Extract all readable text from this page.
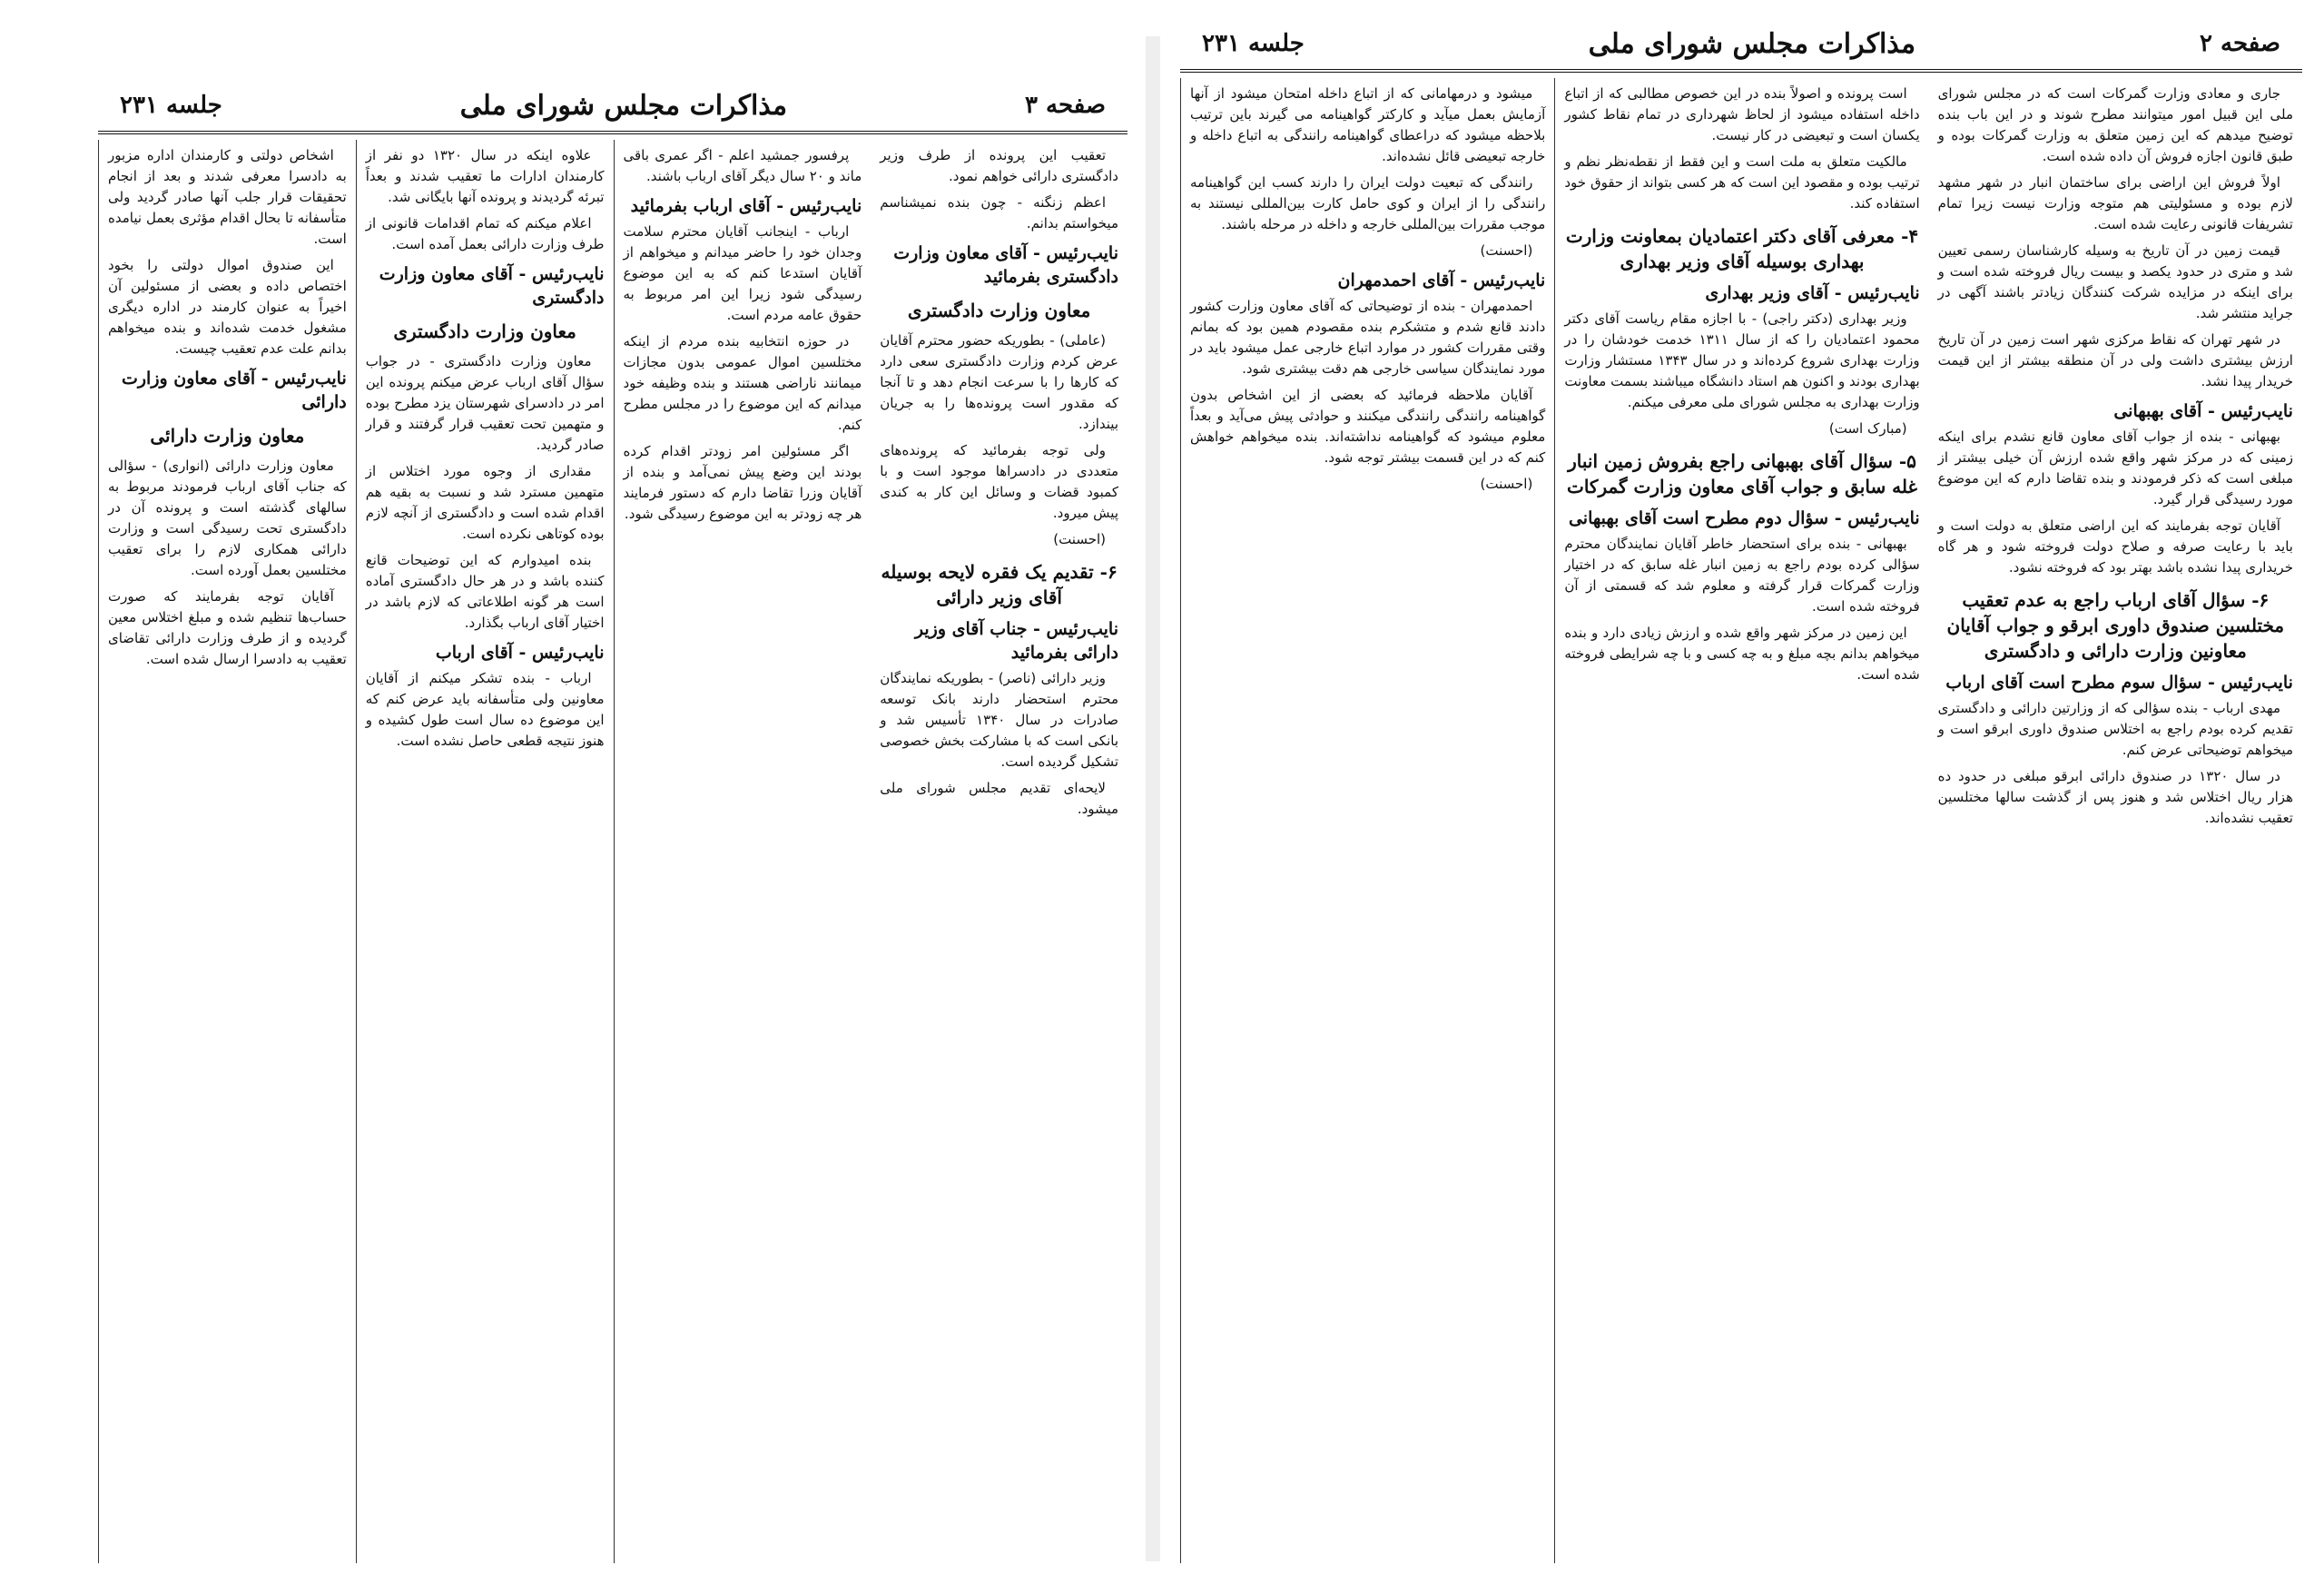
صفحه ۲
مذاکرات مجلس شورای ملی
جلسه ۲۳۱

میشود و درمهامانی که از اتباع داخله امتحان میشود از آنها آزمایش بعمل میآید و کارکتر گواهینامه می گیرند باین ترتیب بلاحظه میشود که دراعطای گواهینامه رانندگی به اتباع داخله و خارجه تبعیضی قائل نشده‌اند.

رانندگی که تبعیت دولت ایران را دارند کسب این گواهینامه رانندگی را از ایران و کوی حامل کارت بین‌المللی نیستند به موجب مقررات بین‌المللی خارجه و داخله در مرحله باشند.

(احسنت)

نایب‌رئیس - آقای احمدمهران

احمدمهران - بنده از توضیحاتی که آقای معاون وزارت کشور دادند قانع شدم و متشکرم بنده مقصودم همین بود که بمانم وقتی مقررات کشور در موارد اتباع خارجی عمل میشود باید در مورد نمایندگان سیاسی خارجی هم دقت بیشتری شود.

آقایان ملاحظه فرمائید که بعضی از این اشخاص بدون گواهینامه رانندگی رانندگی میکنند و حوادثی پیش می‌آید و بعداً معلوم میشود که گواهینامه نداشته‌اند. بنده میخواهم خواهش کنم که در این قسمت بیشتر توجه شود.

(احسنت)

است پرونده و اصولاً بنده در این خصوص مطالبی که از اتباع داخله استفاده میشود از لحاظ شهرداری در تمام نقاط کشور یکسان است و تبعیضی در کار نیست.

مالکیت متعلق به ملت است و این فقط از نقطه‌نظر نظم و ترتیب بوده و مقصود این است که هر کسی بتواند از حقوق خود استفاده کند.

۴- معرفی آقای دکتر اعتمادیان بمعاونت وزارت بهداری بوسیله آقای وزیر بهداری
نایب‌رئیس - آقای وزیر بهداری

وزیر بهداری (دکتر راجی) - با اجازه مقام ریاست آقای دکتر محمود اعتمادیان را که از سال ۱۳۱۱ خدمت خودشان را در وزارت بهداری شروع کرده‌اند و در سال ۱۳۴۳ مستشار وزارت بهداری بودند و اکنون هم استاد دانشگاه میباشند بسمت معاونت وزارت بهداری به مجلس شورای ملی معرفی میکنم.

(مبارک است)

۵- سؤال آقای بهبهانی راجع بفروش زمین انبار غله سابق و جواب آقای معاون وزارت گمرکات
نایب‌رئیس - سؤال دوم مطرح است آقای بهبهانی

بهبهانی - بنده برای استحضار خاطر آقایان نمایندگان محترم سؤالی کرده بودم راجع به زمین انبار غله سابق که در اختیار وزارت گمرکات قرار گرفته و معلوم شد که قسمتی از آن فروخته شده است.

این زمین در مرکز شهر واقع شده و ارزش زیادی دارد و بنده میخواهم بدانم بچه مبلغ و به چه کسی و با چه شرایطی فروخته شده است.

جاری و معادی وزارت گمرکات است که در مجلس شورای ملی این قبیل امور میتوانند مطرح شوند و در این باب بنده توضیح میدهم که این زمین متعلق به وزارت گمرکات بوده و طبق قانون اجازه فروش آن داده شده است.

اولاً فروش این اراضی برای ساختمان انبار در شهر مشهد لازم بوده و مسئولیتی هم متوجه وزارت نیست زیرا تمام تشریفات قانونی رعایت شده است.

قیمت زمین در آن تاریخ به وسیله کارشناسان رسمی تعیین شد و متری در حدود یکصد و بیست ریال فروخته شده است و برای اینکه در مزایده شرکت کنندگان زیادتر باشند آگهی در جراید منتشر شد.

در شهر تهران که نقاط مرکزی شهر است زمین در آن تاریخ ارزش بیشتری داشت ولی در آن منطقه بیشتر از این قیمت خریدار پیدا نشد.

نایب‌رئیس - آقای بهبهانی

بهبهانی - بنده از جواب آقای معاون قانع نشدم برای اینکه زمینی که در مرکز شهر واقع شده ارزش آن خیلی بیشتر از مبلغی است که ذکر فرمودند و بنده تقاضا دارم که این موضوع مورد رسیدگی قرار گیرد.

آقایان توجه بفرمایند که این اراضی متعلق به دولت است و باید با رعایت صرفه و صلاح دولت فروخته شود و هر گاه خریداری پیدا نشده باشد بهتر بود که فروخته نشود.

۶- سؤال آقای ارباب راجع به عدم تعقیب مختلسین صندوق داوری ابرقو و جواب آقایان معاونین وزارت دارائی و دادگستری
نایب‌رئیس - سؤال سوم مطرح است آقای ارباب

مهدی ارباب - بنده سؤالی که از وزارتین دارائی و دادگستری تقدیم کرده بودم راجع به اختلاس صندوق داوری ابرقو است و میخواهم توضیحاتی عرض کنم.

در سال ۱۳۲۰ در صندوق دارائی ابرقو مبلغی در حدود ده هزار ریال اختلاس شد و هنوز پس از گذشت سالها مختلسین تعقیب نشده‌اند.

صفحه ۳
مذاکرات مجلس شورای ملی
جلسه ۲۳۱

اشخاص دولتی و کارمندان اداره مزبور به دادسرا معرفی شدند و بعد از انجام تحقیقات قرار جلب آنها صادر گردید ولی متأسفانه تا بحال اقدام مؤثری بعمل نیامده است.

این صندوق اموال دولتی را بخود اختصاص داده و بعضی از مسئولین آن اخیراً به عنوان کارمند در اداره دیگری مشغول خدمت شده‌اند و بنده میخواهم بدانم علت عدم تعقیب چیست.

نایب‌رئیس - آقای معاون وزارت دارائی
معاون وزارت دارائی

معاون وزارت دارائی (انواری) - سؤالی که جناب آقای ارباب فرمودند مربوط به سالهای گذشته است و پرونده آن در دادگستری تحت رسیدگی است و وزارت دارائی همکاری لازم را برای تعقیب مختلسین بعمل آورده است.

آقایان توجه بفرمایند که صورت حساب‌ها تنظیم شده و مبلغ اختلاس معین گردیده و از طرف وزارت دارائی تقاضای تعقیب به دادسرا ارسال شده است.

علاوه اینکه در سال ۱۳۲۰ دو نفر از کارمندان ادارات ما تعقیب شدند و بعداً تبرئه گردیدند و پرونده آنها بایگانی شد.

اعلام میکنم که تمام اقدامات قانونی از طرف وزارت دارائی بعمل آمده است.

نایب‌رئیس - آقای معاون وزارت دادگستری
معاون وزارت دادگستری

معاون وزارت دادگستری - در جواب سؤال آقای ارباب عرض میکنم پرونده این امر در دادسرای شهرستان یزد مطرح بوده و متهمین تحت تعقیب قرار گرفتند و قرار صادر گردید.

مقداری از وجوه مورد اختلاس از متهمین مسترد شد و نسبت به بقیه هم اقدام شده است و دادگستری از آنچه لازم بوده کوتاهی نکرده است.

بنده امیدوارم که این توضیحات قانع کننده باشد و در هر حال دادگستری آماده است هر گونه اطلاعاتی که لازم باشد در اختیار آقای ارباب بگذارد.

نایب‌رئیس - آقای ارباب

ارباب - بنده تشکر میکنم از آقایان معاونین ولی متأسفانه باید عرض کنم که این موضوع ده سال است طول کشیده و هنوز نتیجه قطعی حاصل نشده است.

پرفسور جمشید اعلم - اگر عمری باقی ماند و ۲۰ سال دیگر آقای ارباب باشند.

نایب‌رئیس - آقای ارباب بفرمائید

ارباب - اینجانب آقایان محترم سلامت وجدان خود را حاضر میدانم و میخواهم از آقایان استدعا کنم که به این موضوع رسیدگی شود زیرا این امر مربوط به حقوق عامه مردم است.

در حوزه انتخابیه بنده مردم از اینکه مختلسین اموال عمومی بدون مجازات میمانند ناراضی هستند و بنده وظیفه خود میدانم که این موضوع را در مجلس مطرح کنم.

اگر مسئولین امر زودتر اقدام کرده بودند این وضع پیش نمی‌آمد و بنده از آقایان وزرا تقاضا دارم که دستور فرمایند هر چه زودتر به این موضوع رسیدگی شود.

تعقیب این پرونده از طرف وزیر دادگستری دارائی خواهم نمود.

اعظم زنگنه - چون بنده نمیشناسم میخواستم بدانم.

نایب‌رئیس - آقای معاون وزارت دادگستری بفرمائید
معاون وزارت دادگستری

(عاملی) - بطوریکه حضور محترم آقایان عرض کردم وزارت دادگستری سعی دارد که کارها را با سرعت انجام دهد و تا آنجا که مقدور است پرونده‌ها را به جریان بیندازد.

ولی توجه بفرمائید که پرونده‌های متعددی در دادسراها موجود است و با کمبود قضات و وسائل این کار به کندی پیش میرود.

(احسنت)

۶- تقدیم یک فقره لایحه بوسیله آقای وزیر دارائی
نایب‌رئیس - جناب آقای وزیر دارائی بفرمائید

وزیر دارائی (ناصر) - بطوریکه نمایندگان محترم استحضار دارند بانک توسعه صادرات در سال ۱۳۴۰ تأسیس شد و بانکی است که با مشارکت بخش خصوصی تشکیل گردیده است.

لایحه‌ای تقدیم مجلس شورای ملی میشود.
